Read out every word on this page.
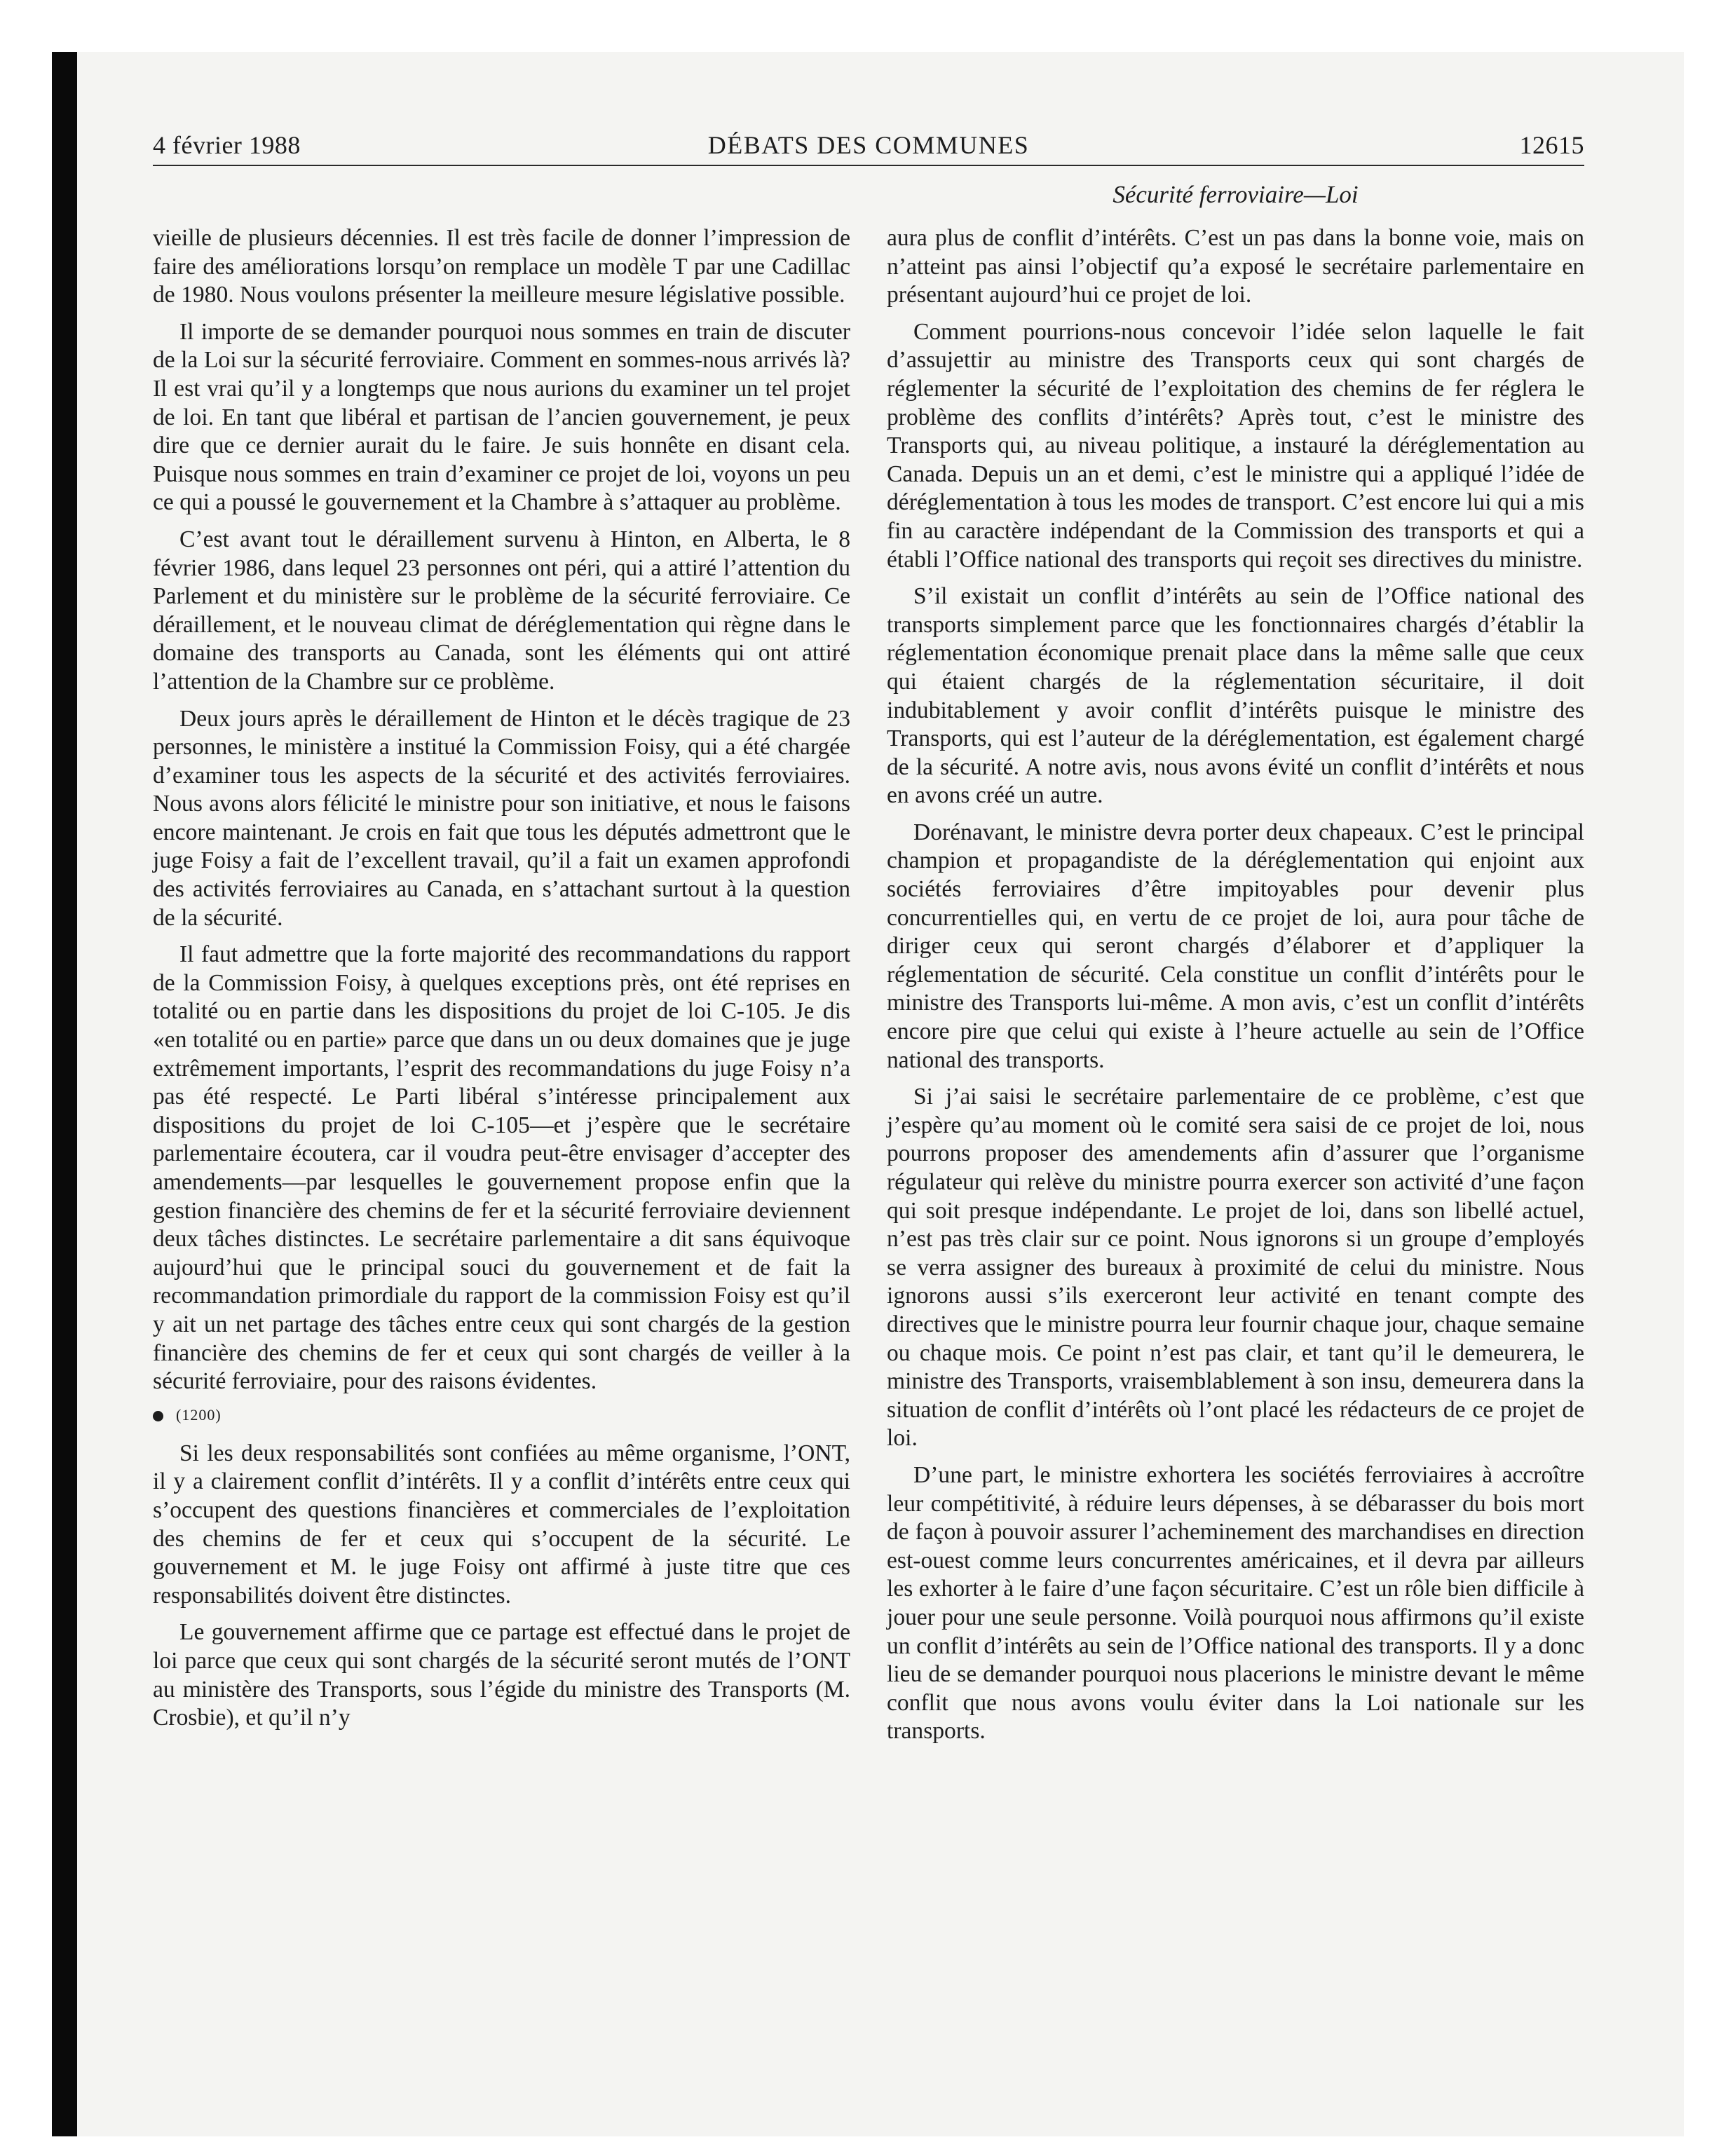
4 février 1988	DÉBATS DES COMMUNES	12615

vieille de plusieurs décennies. Il est très facile de donner l’impression de faire des améliorations lorsqu’on remplace un modèle T par une Cadillac de 1980. Nous voulons présenter la meilleure mesure législative possible.

Il importe de se demander pourquoi nous sommes en train de discuter de la Loi sur la sécurité ferroviaire. Comment en sommes-nous arrivés là? Il est vrai qu’il y a longtemps que nous aurions du examiner un tel projet de loi. En tant que libéral et partisan de l’ancien gouvernement, je peux dire que ce dernier aurait du le faire. Je suis honnête en disant cela. Puisque nous sommes en train d’examiner ce projet de loi, voyons un peu ce qui a poussé le gouvernement et la Chambre à s’attaquer au problème.

C’est avant tout le déraillement survenu à Hinton, en Alberta, le 8 février 1986, dans lequel 23 personnes ont péri, qui a attiré l’attention du Parlement et du ministère sur le problème de la sécurité ferroviaire. Ce déraillement, et le nouveau climat de déréglementation qui règne dans le domaine des transports au Canada, sont les éléments qui ont attiré l’attention de la Chambre sur ce problème.

Deux jours après le déraillement de Hinton et le décès tragique de 23 personnes, le ministère a institué la Commission Foisy, qui a été chargée d’examiner tous les aspects de la sécurité et des activités ferroviaires. Nous avons alors félicité le ministre pour son initiative, et nous le faisons encore maintenant. Je crois en fait que tous les députés admettront que le juge Foisy a fait de l’excellent travail, qu’il a fait un examen approfondi des activités ferroviaires au Canada, en s’attachant surtout à la question de la sécurité.

Il faut admettre que la forte majorité des recommandations du rapport de la Commission Foisy, à quelques exceptions près, ont été reprises en totalité ou en partie dans les dispositions du projet de loi C-105. Je dis «en totalité ou en partie» parce que dans un ou deux domaines que je juge extrêmement importants, l’esprit des recommandations du juge Foisy n’a pas été respecté. Le Parti libéral s’intéresse principalement aux dispositions du projet de loi C-105—et j’espère que le secrétaire parlementaire écoutera, car il voudra peut-être envisager d’accepter des amendements—par lesquelles le gouvernement propose enfin que la gestion financière des chemins de fer et la sécurité ferroviaire deviennent deux tâches distinctes. Le secrétaire parlementaire a dit sans équivoque aujourd’hui que le principal souci du gouvernement et de fait la recommandation primordiale du rapport de la commission Foisy est qu’il y ait un net partage des tâches entre ceux qui sont chargés de la gestion financière des chemins de fer et ceux qui sont chargés de veiller à la sécurité ferroviaire, pour des raisons évidentes.

(1200)

Si les deux responsabilités sont confiées au même organisme, l’ONT, il y a clairement conflit d’intérêts. Il y a conflit d’intérêts entre ceux qui s’occupent des questions financières et commerciales de l’exploitation des chemins de fer et ceux qui s’occupent de la sécurité. Le gouvernement et M. le juge Foisy ont affirmé à juste titre que ces responsabilités doivent être distinctes.

Le gouvernement affirme que ce partage est effectué dans le projet de loi parce que ceux qui sont chargés de la sécurité seront mutés de l’ONT au ministère des Transports, sous l’égide du ministre des Transports (M. Crosbie), et qu’il n’y

Sécurité ferroviaire—Loi

aura plus de conflit d’intérêts. C’est un pas dans la bonne voie, mais on n’atteint pas ainsi l’objectif qu’a exposé le secrétaire parlementaire en présentant aujourd’hui ce projet de loi.

Comment pourrions-nous concevoir l’idée selon laquelle le fait d’assujettir au ministre des Transports ceux qui sont chargés de réglementer la sécurité de l’exploitation des chemins de fer réglera le problème des conflits d’intérêts? Après tout, c’est le ministre des Transports qui, au niveau politique, a instauré la déréglementation au Canada. Depuis un an et demi, c’est le ministre qui a appliqué l’idée de déréglementation à tous les modes de transport. C’est encore lui qui a mis fin au caractère indépendant de la Commission des transports et qui a établi l’Office national des transports qui reçoit ses directives du ministre.

S’il existait un conflit d’intérêts au sein de l’Office national des transports simplement parce que les fonctionnaires chargés d’établir la réglementation économique prenait place dans la même salle que ceux qui étaient chargés de la réglementation sécuritaire, il doit indubitablement y avoir conflit d’intérêts puisque le ministre des Transports, qui est l’auteur de la déréglementation, est également chargé de la sécurité. A notre avis, nous avons évité un conflit d’intérêts et nous en avons créé un autre.

Dorénavant, le ministre devra porter deux chapeaux. C’est le principal champion et propagandiste de la déréglementation qui enjoint aux sociétés ferroviaires d’être impitoyables pour devenir plus concurrentielles qui, en vertu de ce projet de loi, aura pour tâche de diriger ceux qui seront chargés d’élaborer et d’appliquer la réglementation de sécurité. Cela constitue un conflit d’intérêts pour le ministre des Transports lui-même. A mon avis, c’est un conflit d’intérêts encore pire que celui qui existe à l’heure actuelle au sein de l’Office national des transports.

Si j’ai saisi le secrétaire parlementaire de ce problème, c’est que j’espère qu’au moment où le comité sera saisi de ce projet de loi, nous pourrons proposer des amendements afin d’assurer que l’organisme régulateur qui relève du ministre pourra exercer son activité d’une façon qui soit presque indépendante. Le projet de loi, dans son libellé actuel, n’est pas très clair sur ce point. Nous ignorons si un groupe d’employés se verra assigner des bureaux à proximité de celui du ministre. Nous ignorons aussi s’ils exerceront leur activité en tenant compte des directives que le ministre pourra leur fournir chaque jour, chaque semaine ou chaque mois. Ce point n’est pas clair, et tant qu’il le demeurera, le ministre des Transports, vraisemblablement à son insu, demeurera dans la situation de conflit d’intérêts où l’ont placé les rédacteurs de ce projet de loi.

D’une part, le ministre exhortera les sociétés ferroviaires à accroître leur compétitivité, à réduire leurs dépenses, à se débarasser du bois mort de façon à pouvoir assurer l’acheminement des marchandises en direction est-ouest comme leurs concurrentes américaines, et il devra par ailleurs les exhorter à le faire d’une façon sécuritaire. C’est un rôle bien difficile à jouer pour une seule personne. Voilà pourquoi nous affirmons qu’il existe un conflit d’intérêts au sein de l’Office national des transports. Il y a donc lieu de se demander pourquoi nous placerions le ministre devant le même conflit que nous avons voulu éviter dans la Loi nationale sur les transports.
